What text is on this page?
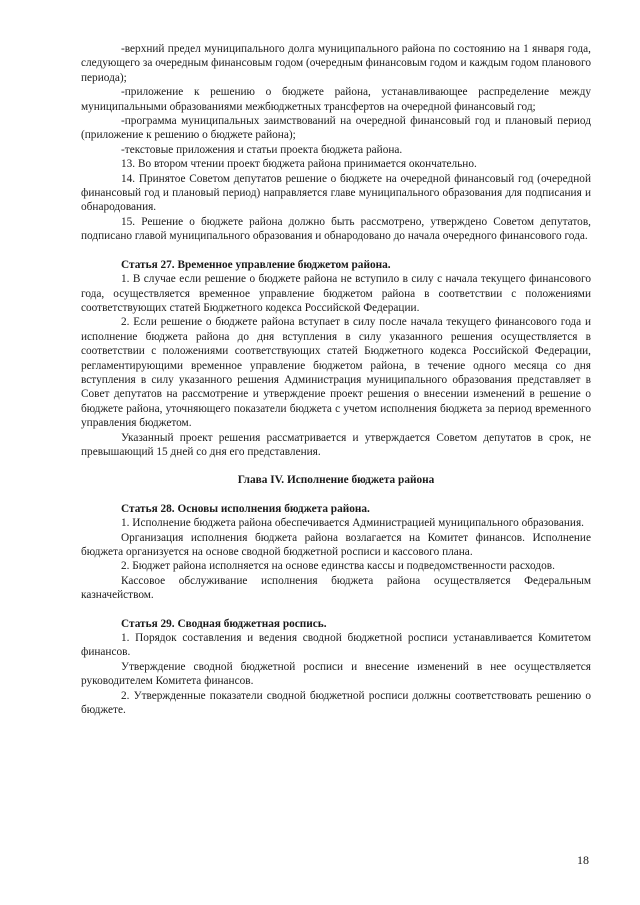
-верхний предел муниципального долга муниципального района по состоянию на 1 января года, следующего за очередным финансовым годом (очередным финансовым годом и каждым годом планового периода);

-приложение к решению о бюджете района, устанавливающее распределение между муниципальными образованиями межбюджетных трансфертов на очередной финансовый год;

-программа муниципальных заимствований на очередной финансовый год и плановый период (приложение к решению о бюджете района);

-текстовые приложения и статьи проекта бюджета района.

13. Во втором чтении проект бюджета района принимается окончательно.

14. Принятое Советом депутатов решение о бюджете на очередной финансовый год (очередной финансовый год и плановый период) направляется главе муниципального образования для подписания и обнародования.

15. Решение о бюджете района должно быть рассмотрено, утверждено Советом депутатов, подписано главой муниципального образования и обнародовано до начала очередного финансового года.

Статья 27. Временное управление бюджетом района.

1. В случае если решение о бюджете района не вступило в силу с начала текущего финансового года, осуществляется временное управление бюджетом района в соответствии с положениями соответствующих статей Бюджетного кодекса Российской Федерации.

2. Если решение о бюджете района вступает в силу после начала текущего финансового года и исполнение бюджета района до дня вступления в силу указанного решения осуществляется в соответствии с положениями соответствующих статей Бюджетного кодекса Российской Федерации, регламентирующими временное управление бюджетом района, в течение одного месяца со дня вступления в силу указанного решения Администрация муниципального образования представляет в Совет депутатов на рассмотрение и утверждение проект решения о внесении изменений в решение о бюджете района, уточняющего показатели бюджета с учетом исполнения бюджета за период временного управления бюджетом.

Указанный проект решения рассматривается и утверждается Советом депутатов в срок, не превышающий 15 дней со дня его представления.

Глава IV. Исполнение бюджета района

Статья 28. Основы исполнения бюджета района.

1. Исполнение бюджета района обеспечивается Администрацией муниципального образования.

Организация исполнения бюджета района возлагается на Комитет финансов. Исполнение бюджета организуется на основе сводной бюджетной росписи и кассового плана.

2. Бюджет района исполняется на основе единства кассы и подведомственности расходов.

Кассовое обслуживание исполнения бюджета района осуществляется Федеральным казначейством.

Статья 29. Сводная бюджетная роспись.

1. Порядок составления и ведения сводной бюджетной росписи устанавливается Комитетом финансов.

Утверждение сводной бюджетной росписи и внесение изменений в нее осуществляется руководителем Комитета финансов.

2. Утвержденные показатели сводной бюджетной росписи должны соответствовать решению о бюджете.

18
